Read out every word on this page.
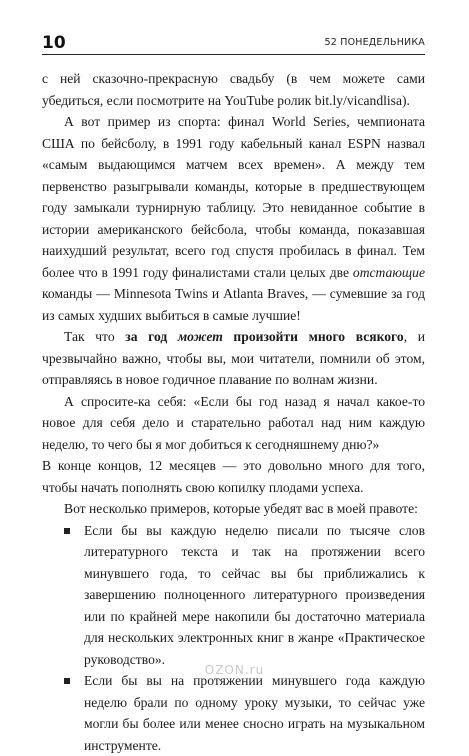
10	52 ПОНЕДЕЛЬНИКА

с ней сказочно-прекрасную свадьбу (в чем можете сами убедиться, если посмотрите на YouTube ролик bit.ly/vicandlisa).

А вот пример из спорта: финал World Series, чемпионата США по бейсболу, в 1991 году кабельный канал ESPN назвал «самым выдающимся матчем всех времен». А между тем первенство разыгрывали команды, которые в предшествующем году замыкали турнирную таблицу. Это невиданное событие в истории американского бейсбола, чтобы команда, показавшая наихудший результат, всего год спустя пробилась в финал. Тем более что в 1991 году финалистами стали целых две отстающие команды — Minnesota Twins и Atlanta Braves, — сумевшие за год из самых худших выбиться в самые лучшие!

Так что за год может произойти много всякого, и чрезвычайно важно, чтобы вы, мои читатели, помнили об этом, отправляясь в новое годичное плавание по волнам жизни.

А спросите-ка себя: «Если бы год назад я начал какое-то новое для себя дело и старательно работал над ним каждую неделю, то чего бы я мог добиться к сегодняшнему дню?»

В конце концов, 12 месяцев — это довольно много для того, чтобы начать пополнять свою копилку плодами успеха.

Вот несколько примеров, которые убедят вас в моей правоте:

Если бы вы каждую неделю писали по тысяче слов литературного текста и так на протяжении всего минувшего года, то сейчас вы бы приближались к завершению полноценного литературного произведения или по крайней мере накопили бы достаточно материала для нескольких электронных книг в жанре «Практическое руководство».
Если бы вы на протяжении минувшего года каждую неделю брали по одному уроку музыки, то сейчас уже могли бы более или менее сносно играть на музыкальном инструменте.
OZON.ru
